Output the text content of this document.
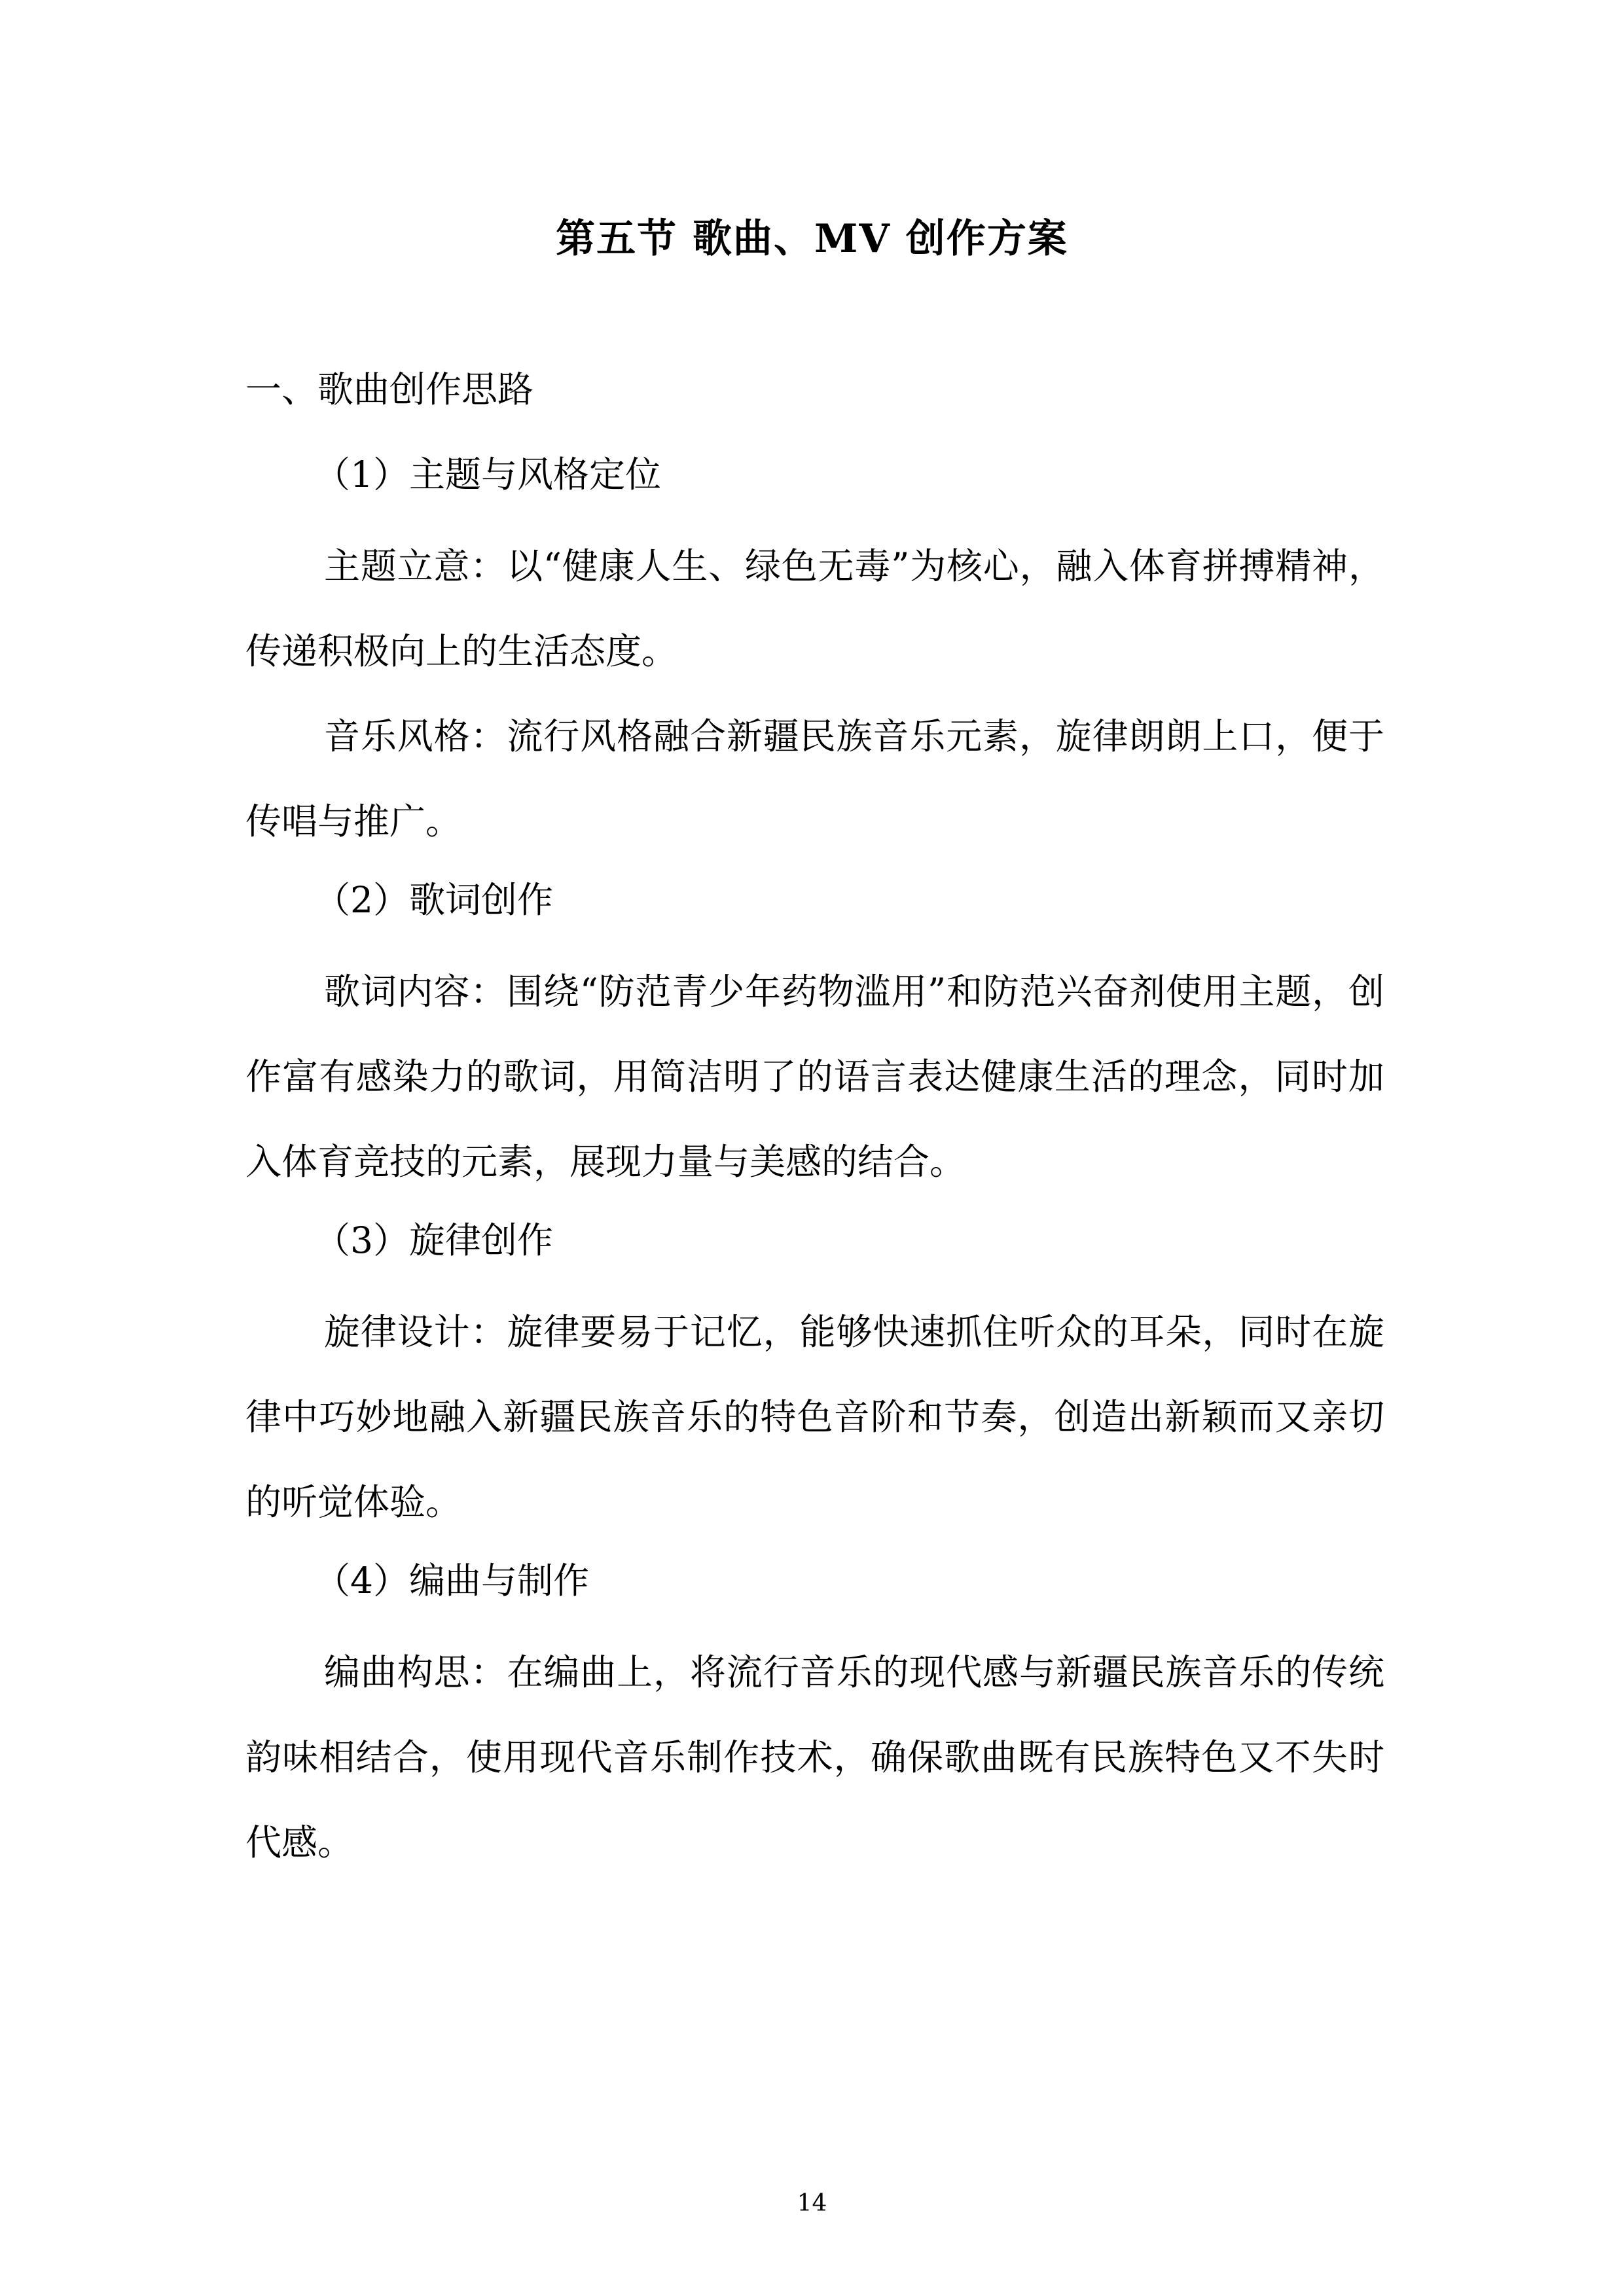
第五节 歌曲、MV 创作方案
一、歌曲创作思路
（1）主题与风格定位
主题立意：以“健康人生、绿色无毒”为核心，融入体育拼搏精神，传递积极向上的生活态度。
音乐风格：流行风格融合新疆民族音乐元素，旋律朗朗上口，便于传唱与推广。
（2）歌词创作
歌词内容：围绕“防范青少年药物滥用”和防范兴奋剂使用主题，创作富有感染力的歌词，用简洁明了的语言表达健康生活的理念，同时加入体育竞技的元素，展现力量与美感的结合。
（3）旋律创作
旋律设计：旋律要易于记忆，能够快速抓住听众的耳朵，同时在旋律中巧妙地融入新疆民族音乐的特色音阶和节奏，创造出新颖而又亲切的听觉体验。
（4）编曲与制作
编曲构思：在编曲上，将流行音乐的现代感与新疆民族音乐的传统韵味相结合，使用现代音乐制作技术，确保歌曲既有民族特色又不失时代感。
14
